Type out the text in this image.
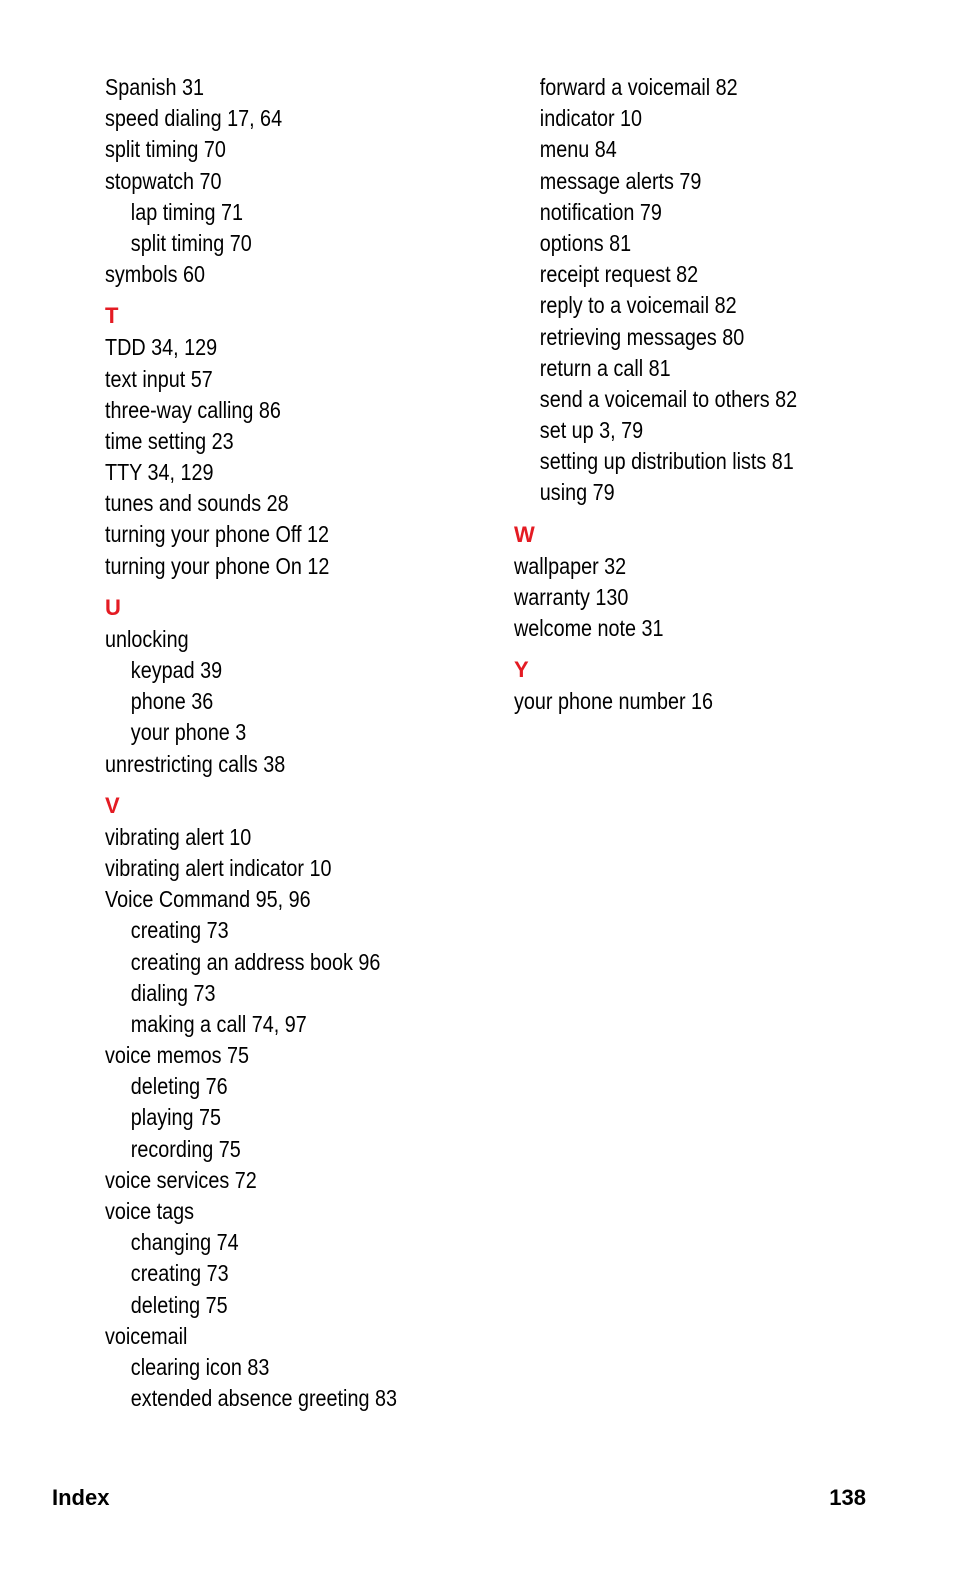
Spanish 31
speed dialing 17, 64
split timing 70
stopwatch 70
lap timing 71
split timing 70
symbols 60
T
TDD 34, 129
text input 57
three-way calling 86
time setting 23
TTY 34, 129
tunes and sounds 28
turning your phone Off 12
turning your phone On 12
U
unlocking
keypad 39
phone 36
your phone 3
unrestricting calls 38
V
vibrating alert 10
vibrating alert indicator 10
Voice Command 95, 96
creating 73
creating an address book 96
dialing 73
making a call 74, 97
voice memos 75
deleting 76
playing 75
recording 75
voice services 72
voice tags
changing 74
creating 73
deleting 75
voicemail
clearing icon 83
extended absence greeting 83
forward a voicemail 82
indicator 10
menu 84
message alerts 79
notification 79
options 81
receipt request 82
reply to a voicemail 82
retrieving messages 80
return a call 81
send a voicemail to others 82
set up 3, 79
setting up distribution lists 81
using 79
W
wallpaper 32
warranty 130
welcome note 31
Y
your phone number 16
Index	138
